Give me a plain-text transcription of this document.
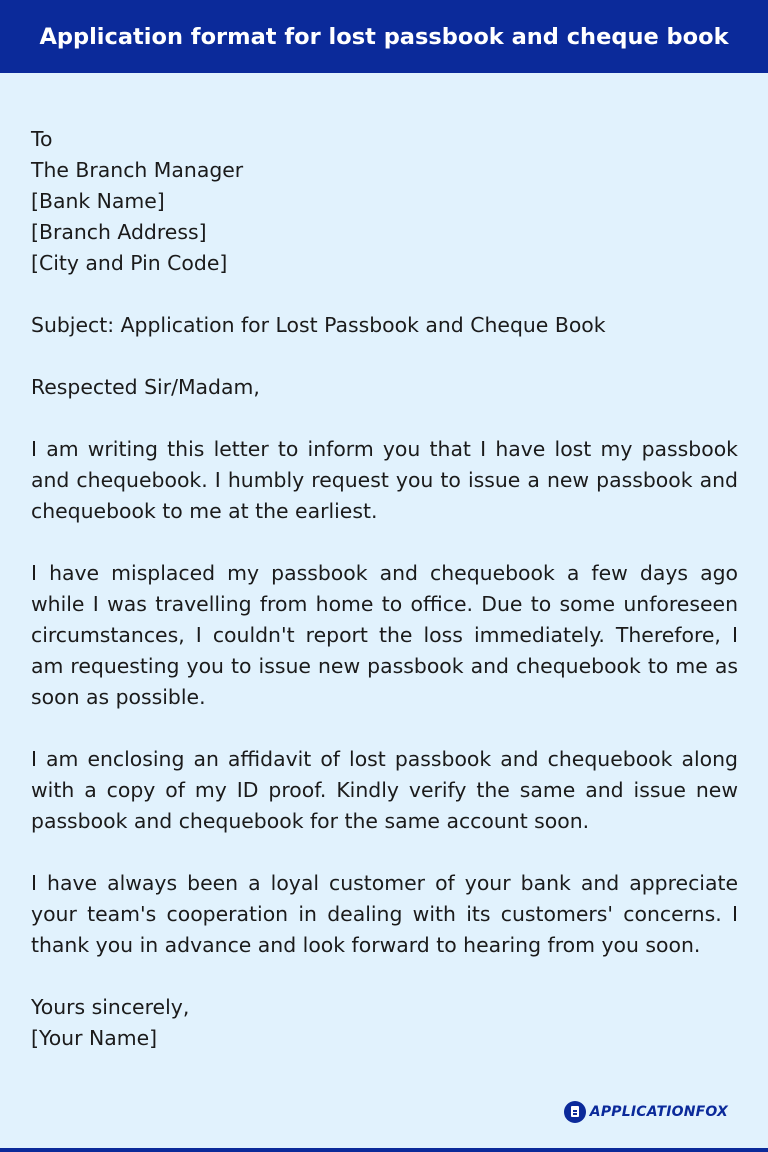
Application format for lost passbook and cheque book
To
The Branch Manager
[Bank Name]
[Branch Address]
[City and Pin Code]
Subject: Application for Lost Passbook and Cheque Book
Respected Sir/Madam,

I am writing this letter to inform you that I have lost my passbook and chequebook. I humbly request you to issue a new passbook and chequebook to me at the earliest.

I have misplaced my passbook and chequebook a few days ago while I was travelling from home to office. Due to some unforeseen circumstances, I couldn't report the loss immediately. Therefore, I am requesting you to issue new passbook and chequebook to me as soon as possible.

I am enclosing an affidavit of lost passbook and chequebook along with a copy of my ID proof. Kindly verify the same and issue new passbook and chequebook for the same account soon.

I have always been a loyal customer of your bank and appreciate your team's cooperation in dealing with its customers' concerns. I thank you in advance and look forward to hearing from you soon.

Yours sincerely,
[Your Name]
APPLICATIONFOX
